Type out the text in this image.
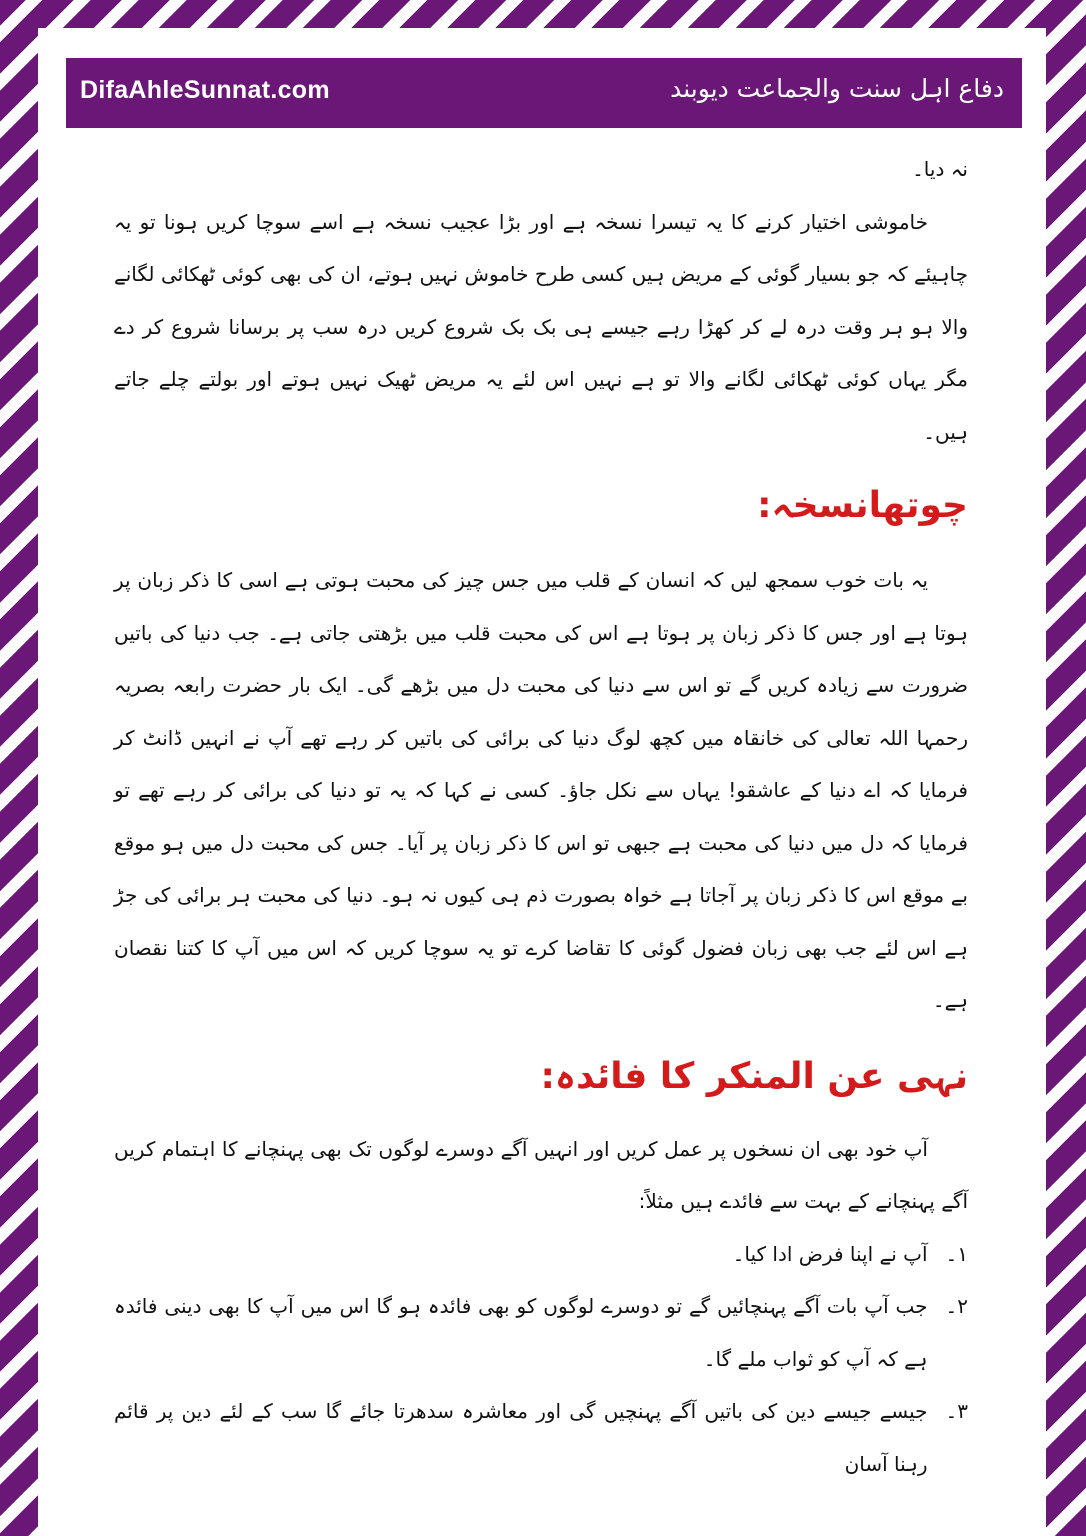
DifaAhleSunnat.com	دفاع اہل سنت والجماعت دیوبند

نہ دیا۔

خاموشی اختیار کرنے کا یہ تیسرا نسخہ ہے اور بڑا عجیب نسخہ ہے اسے سوچا کریں ہونا تو یہ چاہیئے کہ جو بسیار گوئی کے مریض ہیں کسی طرح خاموش نہیں ہوتے، ان کی بھی کوئی ٹھکائی لگانے والا ہو ہر وقت درہ لے کر کھڑا رہے جیسے ہی بک بک شروع کریں درہ سب پر برسانا شروع کر دے مگر یہاں کوئی ٹھکائی لگانے والا تو ہے نہیں اس لئے یہ مریض ٹھیک نہیں ہوتے اور بولتے چلے جاتے ہیں۔

چوتھانسخہ:

یہ بات خوب سمجھ لیں کہ انسان کے قلب میں جس چیز کی محبت ہوتی ہے اسی کا ذکر زبان پر ہوتا ہے اور جس کا ذکر زبان پر ہوتا ہے اس کی محبت قلب میں بڑھتی جاتی ہے۔ جب دنیا کی باتیں ضرورت سے زیادہ کریں گے تو اس سے دنیا کی محبت دل میں بڑھے گی۔ ایک بار حضرت رابعہ بصریہ رحمہا اللہ تعالی کی خانقاہ میں کچھ لوگ دنیا کی برائی کی باتیں کر رہے تھے آپ نے انہیں ڈانٹ کر فرمایا کہ اے دنیا کے عاشقو! یہاں سے نکل جاؤ۔ کسی نے کہا کہ یہ تو دنیا کی برائی کر رہے تھے تو فرمایا کہ دل میں دنیا کی محبت ہے جبھی تو اس کا ذکر زبان پر آیا۔ جس کی محبت دل میں ہو موقع بے موقع اس کا ذکر زبان پر آجاتا ہے خواہ بصورت ذم ہی کیوں نہ ہو۔ دنیا کی محبت ہر برائی کی جڑ ہے اس لئے جب بھی زبان فضول گوئی کا تقاضا کرے تو یہ سوچا کریں کہ اس میں آپ کا کتنا نقصان ہے۔

نہی عن المنکر کا فائدہ:

آپ خود بھی ان نسخوں پر عمل کریں اور انہیں آگے دوسرے لوگوں تک بھی پہنچانے کا اہتمام کریں آگے پہنچانے کے بہت سے فائدے ہیں مثلاً:

۱۔
آپ نے اپنا فرض ادا کیا۔
۲۔
جب آپ بات آگے پہنچائیں گے تو دوسرے لوگوں کو بھی فائدہ ہو گا اس میں آپ کا بھی دینی فائدہ ہے کہ آپ کو ثواب ملے گا۔
۳۔
جیسے جیسے دین کی باتیں آگے پہنچیں گی اور معاشرہ سدھرتا جائے گا سب کے لئے دین پر قائم رہنا آسان
